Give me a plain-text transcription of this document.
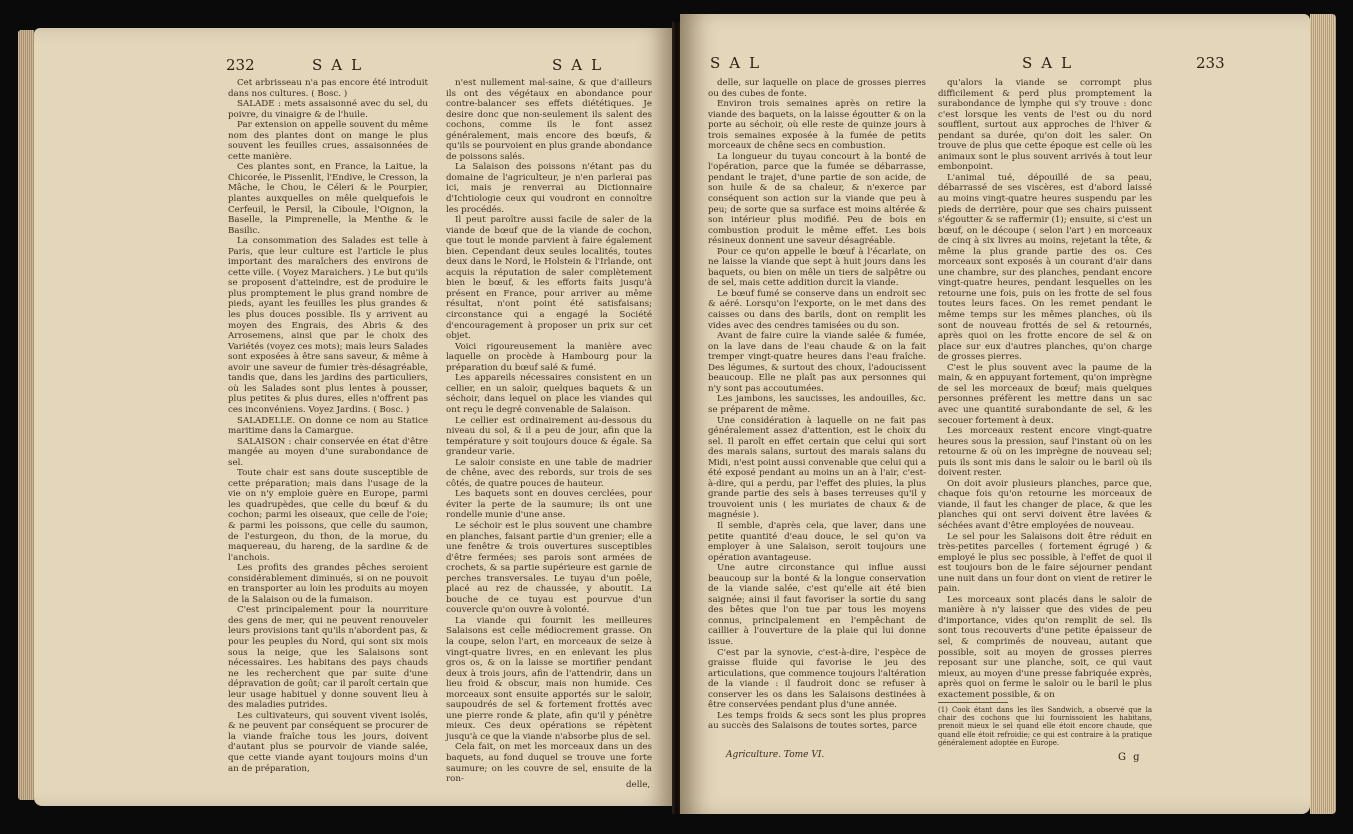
232	SAL	SAL

Cet arbrisseau n'a pas encore été introduit dans nos cultures. ( Bosc. )

SALADE : mets assaisonné avec du sel, du poivre, du vinaigre & de l'huile.

Par extension on appelle souvent du même nom des plantes dont on mange le plus souvent les feuilles crues, assaisonnées de cette manière.

Ces plantes sont, en France, la Laitue, la Chicorée, le Pissenlit, l'Endive, le Cresson, la Mâche, le Chou, le Céleri & le Pourpier, plantes auxquelles on mêle quelquefois le Cerfeuil, le Persil, la Ciboule, l'Oignon, la Baselle, la Pimprenelle, la Menthe & le Basilic.

La consommation des Salades est telle à Paris, que leur culture est l'article le plus important des maraîchers des environs de cette ville. ( Voyez Maraichers. ) Le but qu'ils se proposent d'atteindre, est de produire le plus promptement le plus grand nombre de pieds, ayant les feuilles les plus grandes & les plus douces possible. Ils y arrivent au moyen des Engrais, des Abris & des Arrosemens, ainsi que par le choix des Variétés (voyez ces mots); mais leurs Salades sont exposées à être sans saveur, & même à avoir une saveur de fumier très-désagréable, tandis que, dans les jardins des particuliers, où les Salades sont plus lentes à pousser, plus petites & plus dures, elles n'offrent pas ces inconvéniens. Voyez Jardins. ( Bosc. )

SALADELLE. On donne ce nom au Statice maritime dans la Camargue.

SALAISON : chair conservée en état d'être mangée au moyen d'une surabondance de sel.

Toute chair est sans doute susceptible de cette préparation; mais dans l'usage de la vie on n'y emploie guère en Europe, parmi les quadrupèdes, que celle du bœuf & du cochon; parmi les oiseaux, que celle de l'oie; & parmi les poissons, que celle du saumon, de l'esturgeon, du thon, de la morue, du maquereau, du hareng, de la sardine & de l'anchois.

Les profits des grandes pêches seroient considérablement diminués, si on ne pouvoit en transporter au loin les produits au moyen de la Salaison ou de la fumaison.

C'est principalement pour la nourriture des gens de mer, qui ne peuvent renouveler leurs provisions tant qu'ils n'abordent pas, & pour les peuples du Nord, qui sont six mois sous la neige, que les Salaisons sont nécessaires. Les habitans des pays chauds ne les recherchent que par suite d'une dépravation de goût; car il paroît certain que leur usage habituel y donne souvent lieu à des maladies putrides.

Les cultivateurs, qui souvent vivent isolés, & ne peuvent par conséquent se procurer de la viande fraîche tous les jours, doivent d'autant plus se pourvoir de viande salée, que cette viande ayant toujours moins d'un an de préparation,

n'est nullement mal-saine, & que d'ailleurs ils ont des végétaux en abondance pour contre-balancer ses effets diététiques. Je desire donc que non-seulement ils salent des cochons, comme ils le font assez généralement, mais encore des bœufs, & qu'ils se pourvoient en plus grande abondance de poissons salés.

La Salaison des poissons n'étant pas du domaine de l'agriculteur, je n'en parlerai pas ici, mais je renverrai au Dictionnaire d'Ichtiologie ceux qui voudront en connoître les procédés.

Il peut paroître aussi facile de saler de la viande de bœuf que de la viande de cochon, que tout le monde parvient à faire également bien. Cependant deux seules localités, toutes deux dans le Nord, le Holstein & l'Irlande, ont acquis la réputation de saler complètement bien le bœuf, & les efforts faits jusqu'à présent en France, pour arriver au même résultat, n'ont point été satisfaisans; circonstance qui a engagé la Société d'encouragement à proposer un prix sur cet objet.

Voici rigoureusement la manière avec laquelle on procède à Hambourg pour la préparation du bœuf salé & fumé.

Les appareils nécessaires consistent en un cellier, en un saloir, quelques baquets & un séchoir, dans lequel on place les viandes qui ont reçu le degré convenable de Salaison.

Le cellier est ordinairement au-dessous du niveau du sol, & il a peu de jour, afin que la température y soit toujours douce & égale. Sa grandeur varie.

Le saloir consiste en une table de madrier de chêne, avec des rebords, sur trois de ses côtés, de quatre pouces de hauteur.

Les baquets sont en douves cerclées, pour éviter la perte de la saumure; ils ont une rondelle munie d'une anse.

Le séchoir est le plus souvent une chambre en planches, faisant partie d'un grenier; elle a une fenêtre & trois ouvertures susceptibles d'être fermées; ses parois sont armées de crochets, & sa partie supérieure est garnie de perches transversales. Le tuyau d'un poêle, placé au rez de chaussée, y aboutit. La bouche de ce tuyau est pourvue d'un couvercle qu'on ouvre à volonté.

La viande qui fournit les meilleures Salaisons est celle médiocrement grasse. On la coupe, selon l'art, en morceaux de seize à vingt-quatre livres, en en enlevant les plus gros os, & on la laisse se mortifier pendant deux à trois jours, afin de l'attendrir, dans un lieu froid & obscur, mais non humide. Ces morceaux sont ensuite apportés sur le saloir, saupoudrés de sel & fortement frottés avec une pierre ronde & plate, afin qu'il y pénètre mieux. Ces deux opérations se répètent jusqu'à ce que la viande n'absorbe plus de sel.

Cela fait, on met les morceaux dans un des baquets, au fond duquel se trouve une forte saumure; on les couvre de sel, ensuite de la ron-

delle,
SAL	SAL	233

delle, sur laquelle on place de grosses pierres ou des cubes de fonte.

Environ trois semaines après on retire la viande des baquets, on la laisse égoutter & on la porte au séchoir, où elle reste de quinze jours à trois semaines exposée à la fumée de petits morceaux de chêne secs en combustion.

La longueur du tuyau concourt à la bonté de l'opération, parce que la fumée se débarrasse, pendant le trajet, d'une partie de son acide, de son huile & de sa chaleur, & n'exerce par conséquent son action sur la viande que peu à peu; de sorte que sa surface est moins altérée & son intérieur plus modifié. Peu de bois en combustion produit le même effet. Les bois résineux donnent une saveur désagréable.

Pour ce qu'on appelle le bœuf à l'écarlate, on ne laisse la viande que sept à huit jours dans les baquets, ou bien on mêle un tiers de salpêtre ou de sel, mais cette addition durcit la viande.

Le bœuf fumé se conserve dans un endroit sec & aéré. Lorsqu'on l'exporte, on le met dans des caisses ou dans des barils, dont on remplit les vides avec des cendres tamisées ou du son.

Avant de faire cuire la viande salée & fumée, on la lave dans de l'eau chaude & on la fait tremper vingt-quatre heures dans l'eau fraîche. Des légumes, & surtout des choux, l'adoucissent beaucoup. Elle ne plaît pas aux personnes qui n'y sont pas accoutumées.

Les jambons, les saucisses, les andouilles, &c. se préparent de même.

Une considération à laquelle on ne fait pas généralement assez d'attention, est le choix du sel. Il paroît en effet certain que celui qui sort des marais salans, surtout des marais salans du Midi, n'est point aussi convenable que celui qui a été exposé pendant au moins un an à l'air, c'est-à-dire, qui a perdu, par l'effet des pluies, la plus grande partie des sels à bases terreuses qu'il y trouvoient unis ( les muriates de chaux & de magnésie ).

Il semble, d'après cela, que laver, dans une petite quantité d'eau douce, le sel qu'on va employer à une Salaison, seroit toujours une opération avantageuse.

Une autre circonstance qui influe aussi beaucoup sur la bonté & la longue conservation de la viande salée, c'est qu'elle ait été bien saignée; ainsi il faut favoriser la sortie du sang des bêtes que l'on tue par tous les moyens connus, principalement en l'empêchant de caillier à l'ouverture de la plaie qui lui donne issue.

C'est par la synovie, c'est-à-dire, l'espèce de graisse fluide qui favorise le jeu des articulations, que commence toujours l'altération de la viande : il faudroit donc se refuser à conserver les os dans les Salaisons destinées à être conservées pendant plus d'une année.

Les temps froids & secs sont les plus propres au succès des Salaisons de toutes sortes, parce

qu'alors la viande se corrompt plus difficilement & perd plus promptement la surabondance de lymphe qui s'y trouve : donc c'est lorsque les vents de l'est ou du nord soufflent, surtout aux approches de l'hiver & pendant sa durée, qu'on doit les saler. On trouve de plus que cette époque est celle où les animaux sont le plus souvent arrivés à tout leur embonpoint.

L'animal tué, dépouillé de sa peau, débarrassé de ses viscères, est d'abord laissé au moins vingt-quatre heures suspendu par les pieds de derrière, pour que ses chairs puissent s'égoutter & se raffermir (1); ensuite, si c'est un bœuf, on le découpe ( selon l'art ) en morceaux de cinq à six livres au moins, rejetant la tête, & même la plus grande partie des os. Ces morceaux sont exposés à un courant d'air dans une chambre, sur des planches, pendant encore vingt-quatre heures, pendant lesquelles on les retourne une fois, puis on les frotte de sel fous toutes leurs faces. On les remet pendant le même temps sur les mêmes planches, où ils sont de nouveau frottés de sel & retournés, après quoi on les frotte encore de sel & on place sur eux d'autres planches, qu'on charge de grosses pierres.

C'est le plus souvent avec la paume de la main, & en appuyant fortement, qu'on imprègne de sel les morceaux de bœuf; mais quelques personnes préfèrent les mettre dans un sac avec une quantité surabondante de sel, & les secouer fortement à deux.

Les morceaux restent encore vingt-quatre heures sous la pression, sauf l'instant où on les retourne & où on les imprègne de nouveau sel; puis ils sont mis dans le saloir ou le baril où ils doivent rester.

On doit avoir plusieurs planches, parce que, chaque fois qu'on retourne les morceaux de viande, il faut les changer de place, & que les planches qui ont servi doivent être lavées & séchées avant d'être employées de nouveau.

Le sel pour les Salaisons doit être réduit en très-petites parcelles ( fortement égrugé ) & employé le plus sec possible, à l'effet de quoi il est toujours bon de le faire séjourner pendant une nuit dans un four dont on vient de retirer le pain.

Les morceaux sont placés dans le saloir de manière à n'y laisser que des vides de peu d'importance, vides qu'on remplit de sel. Ils sont tous recouverts d'une petite épaisseur de sel, & comprimés de nouveau, autant que possible, soit au moyen de grosses pierres reposant sur une planche, soit, ce qui vaut mieux, au moyen d'une presse fabriquée exprès, après quoi on ferme le saloir ou le baril le plus exactement possible, & on

(1) Cook étant dans les îles Sandwich, a observé que la chair des cochons que lui fournissoient les habitans, prenoit mieux le sel quand elle étoit encore chaude, que quand elle étoit refroidie; ce qui est contraire à la pratique généralement adoptée en Europe.
Agriculture. Tome VI.	G g
